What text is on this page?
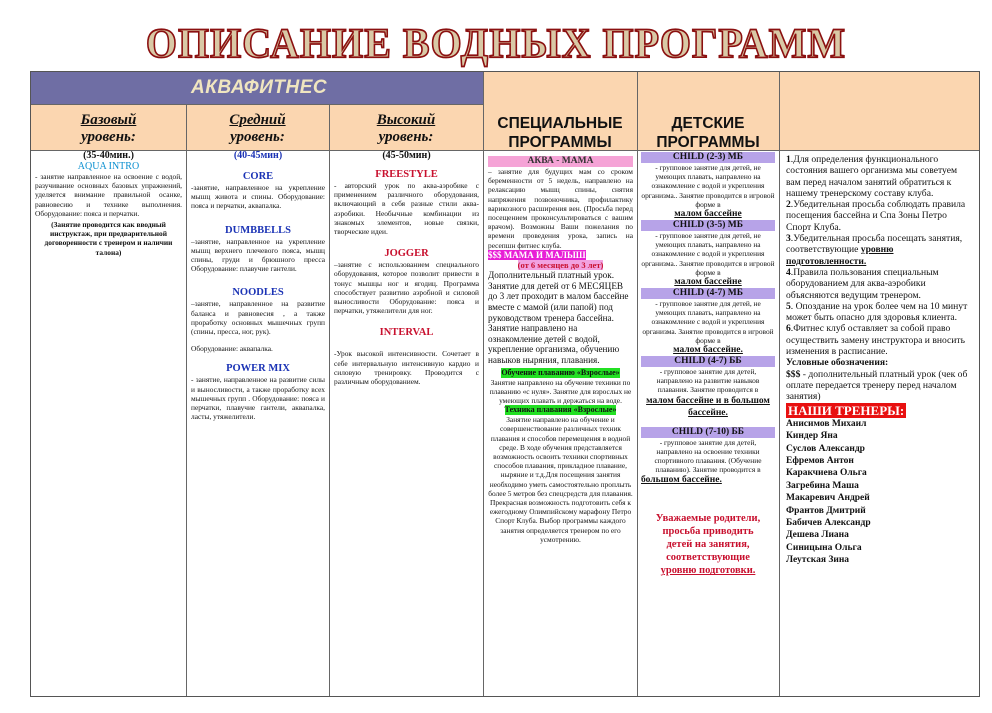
ОПИСАНИЕ ВОДНЫХ ПРОГРАММ
АКВАФИТНЕС
Базовый
уровень:
Средний
уровень:
Высокий
уровень:
СПЕЦИАЛЬНЫЕ
ПРОГРАММЫ
ДЕТСКИЕ
ПРОГРАММЫ

(35-40мин.)

AQUA INTRO

- занятие направленное на освоение с водой, разучивание основных базовых упражнений, уделяется внимание правильной осанке, равновесию и технике выполнения. Оборудование: пояса и перчатки.

(Занятие проводится как вводный инструктаж, при предварительной договоренности с тренером и наличии талона)

(40-45мин)

CORE

-занятие, направленное на укрепление мышц живота и спины. Оборудование: пояса и перчатки, аквапалка.

DUMBBELLS

–занятие, направленное на укрепление мышц верхнего плечевого пояса, мышц спины, груди и брюшного пресса Оборудование: плавучие гантели.

NOODLES

–занятие, направленное на развитие баланса и равновесия , а также проработку основных мышечных групп (спины, пресса, ног, рук).

Оборудование: аквапалка.

POWER MIX

- занятие, направленное на развитие силы и выносливости, а также проработку всех мышечных групп . Оборудование: пояса и перчатки, плавучие гантели, аквапалка, ласты, утяжелители.

(45-50мин)

FREESTYLE

- авторский урок по аква-аэробике с применением различного оборудования, включающий в себя разные стили аква-аэробики. Необычные комбинации из знакомых элементов, новые связки, творческие идеи.

JOGGER

–занятие с использованием специального оборудования, которое позволит привести в тонус мышцы ног и ягодиц. Программа способствует развитию аэробной и силовой выносливости Оборудование: пояса и перчатки, утяжелители для ног.

INTERVAL

-Урок высокой интенсивности. Сочетает в себе интервальную интенсивную кардио и силовую тренировку. Проводится с различным оборудованием.

АКВА - МАМА

– занятие для будущих мам со сроком беременности от 5 недель, направлено на релаксацию мышц спины, снятия напряжения позвоночника, профилактику варикозного расширения вен. (Просьба перед посещением проконсультироваться с вашим врачом). Возможны Ваши пожелания по времени проведения урока, запись на ресепшн фитнес клуба.

$$$ МАМА И МАЛЫШ

(от 6 месяцев до 3 лет)

Дополнительный платный урок. Занятие для детей от 6 МЕСЯЦЕВ до 3 лет проходит в малом бассейне вместе с мамой (или папой) под руководством тренера бассейна. Занятие направлено на ознакомление детей с водой, укрепление организма, обучению навыков ныряния, плавания.

Обучение плаванию «Взрослые»

Занятие направлено на обучение техники по плаванию «с нуля». Занятие для взрослых не умеющих плавать и держаться на воде.

Техника плавания «Взрослые»

Занятие направлено на обучение и совершенствование различных техник плавания и способов перемещения в водной среде. В ходе обучения представляется возможность освоить техники спортивных способов плавания, прикладное плавание, ныряние и т.д.Для посещения занятия необходимо уметь самостоятельно проплыть более 5 метров без спецсредств для плавания. Прекрасная возможность подготовить себя к ежегодному Олимпийскому марафону Петро Спорт Клуба. Выбор программы каждого занятия определяется тренером по его усмотрению.

CHILD (2-3) МБ

- групповое занятие для детей, не умеющих плавать, направлено на ознакомление с водой и укрепления организма.. Занятие проводится в игровой форме в

малом бассейне

CHILD (3-5) МБ

- групповое занятие для детей, не умеющих плавать, направлено на ознакомление с водой и укрепления организма.. Занятие проводится в игровой форме в

малом бассейне

CHILD (4-7) МБ

- групповое занятие для детей, не умеющих плавать, направлено на ознакомление с водой и укрепления организма. Занятие проводится в игровой форме в

малом бассейне.

CHILD (4-7) ББ

- групповое занятие для детей, направлено на развитие навыков плавания. Занятие проводится в

малом бассейне и в большом бассейне.

CHILD (7-10) ББ

- групповое занятие для детей, направлено на освоение техники спортивного плавания. (Обучение плаванию). Занятие проводится в

большом бассейне.

Уважаемые родители,

просьба приводить

детей на занятия,

соответствующие

уровню подготовки.

1.Для определения функционального состояния вашего организма мы советуем вам перед началом занятий обратиться к нашему тренерскому составу клуба.

2.Убедительная просьба соблюдать правила посещения бассейна и Спа Зоны Петро Спорт Клуба.

3.Убедительная просьба посещать занятия, соответствующие уровню подготовленности.

4.Правила пользования специальным оборудованием для аква-аэробики объясняются ведущим тренером.

5. Опоздание на урок более чем на 10 минут может быть опасно для здоровья клиента.

6.Фитнес клуб оставляет за собой право осуществить замену инструктора и вносить изменения в расписание.

Условные обозначения:

$$$ - дополнительный платный урок (чек об оплате передается тренеру перед началом занятия)

НАШИ ТРЕНЕРЫ:

Анисимов Михаил

Киндер Яна

Суслов Александр

Ефремов Антон

Каракчиева Ольга

Загребина Маша

Макаревич Андрей

Франтов Дмитрий

Бабичев Александр

Дешева Лиана

Синицына Ольга

Леутская Зина
